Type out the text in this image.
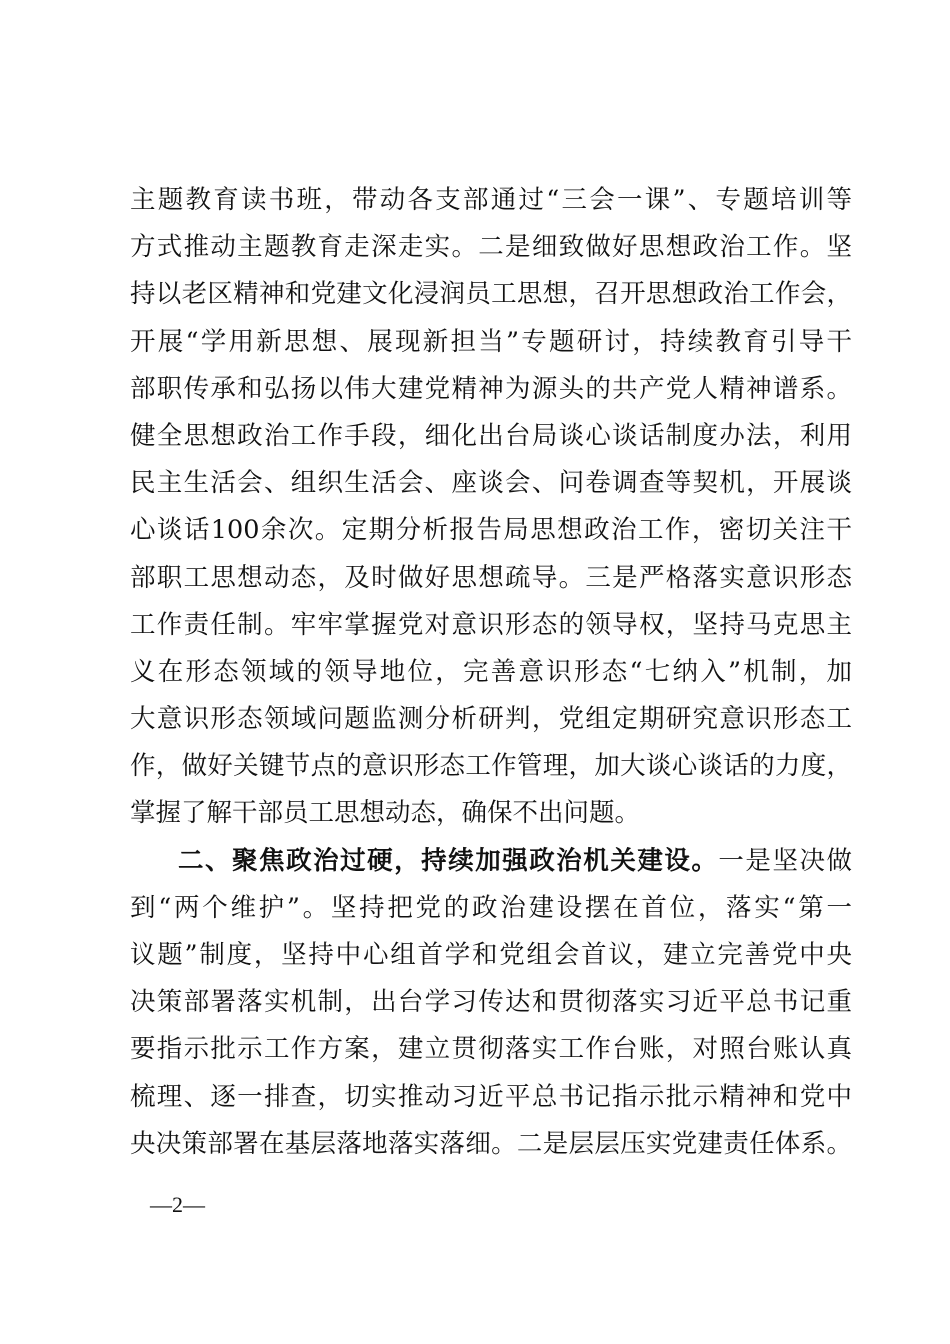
主题教育读书班，带动各支部通过“三会一课”、专题培训等
方式推动主题教育走深走实。二是细致做好思想政治工作。坚
持以老区精神和党建文化浸润员工思想，召开思想政治工作会，
开展“学用新思想、展现新担当”专题研讨，持续教育引导干
部职传承和弘扬以伟大建党精神为源头的共产党人精神谱系。
健全思想政治工作手段，细化出台局谈心谈话制度办法，利用
民主生活会、组织生活会、座谈会、问卷调查等契机，开展谈
心谈话100余次。定期分析报告局思想政治工作，密切关注干
部职工思想动态，及时做好思想疏导。三是严格落实意识形态
工作责任制。牢牢掌握党对意识形态的领导权，坚持马克思主
义在形态领域的领导地位，完善意识形态“七纳入”机制，加
大意识形态领域问题监测分析研判，党组定期研究意识形态工
作，做好关键节点的意识形态工作管理，加大谈心谈话的力度，
掌握了解干部员工思想动态，确保不出问题。
二、聚焦政治过硬，持续加强政治机关建设。一是坚决做
到“两个维护”。坚持把党的政治建设摆在首位，落实“第一
议题”制度，坚持中心组首学和党组会首议，建立完善党中央
决策部署落实机制，出台学习传达和贯彻落实习近平总书记重
要指示批示工作方案，建立贯彻落实工作台账，对照台账认真
梳理、逐一排查，切实推动习近平总书记指示批示精神和党中
央决策部署在基层落地落实落细。二是层层压实党建责任体系。
—2—
